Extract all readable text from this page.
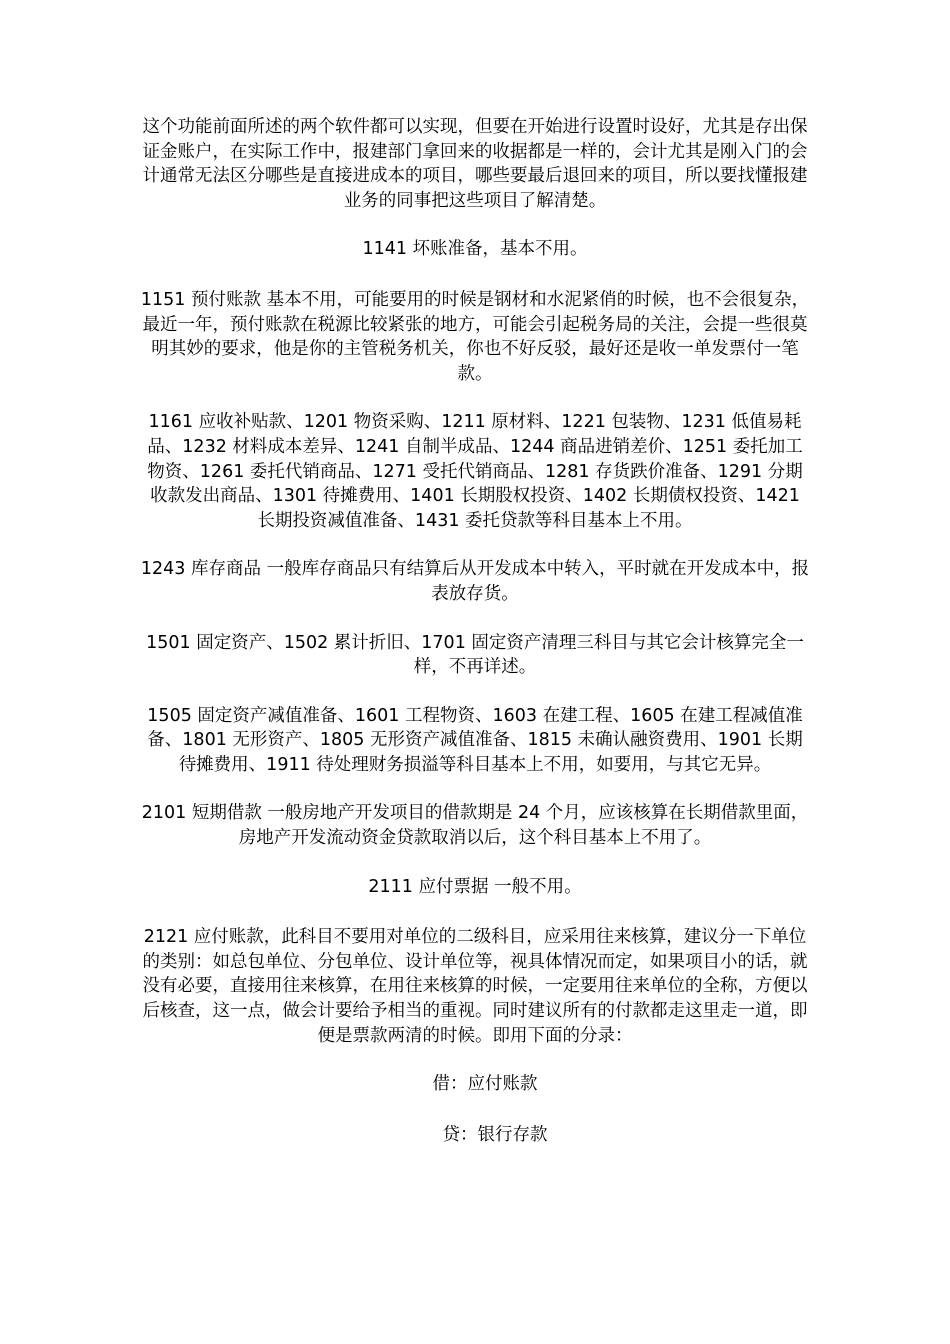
这个功能前面所述的两个软件都可以实现，但要在开始进行设置时设好，尤其是存出保证金账户，在实际工作中，报建部门拿回来的收据都是一样的，会计尤其是刚入门的会计通常无法区分哪些是直接进成本的项目，哪些要最后退回来的项目，所以要找懂报建业务的同事把这些项目了解清楚。

1141 坏账准备，基本不用。

1151 预付账款 基本不用，可能要用的时候是钢材和水泥紧俏的时候，也不会很复杂，最近一年，预付账款在税源比较紧张的地方，可能会引起税务局的关注，会提一些很莫明其妙的要求，他是你的主管税务机关，你也不好反驳，最好还是收一单发票付一笔款。

1161 应收补贴款、1201 物资采购、1211 原材料、1221 包装物、1231 低值易耗品、1232 材料成本差异、1241 自制半成品、1244 商品进销差价、1251 委托加工物资、1261 委托代销商品、1271 受托代销商品、1281 存货跌价准备、1291 分期收款发出商品、1301 待摊费用、1401 长期股权投资、1402 长期债权投资、1421 长期投资减值准备、1431 委托贷款等科目基本上不用。

1243 库存商品 一般库存商品只有结算后从开发成本中转入，平时就在开发成本中，报表放存货。

1501 固定资产、1502 累计折旧、1701 固定资产清理三科目与其它会计核算完全一样，不再详述。

1505 固定资产减值准备、1601 工程物资、1603 在建工程、1605 在建工程减值准备、1801 无形资产、1805 无形资产减值准备、1815 未确认融资费用、1901 长期待摊费用、1911 待处理财务损溢等科目基本上不用，如要用，与其它无异。

2101 短期借款 一般房地产开发项目的借款期是 24 个月，应该核算在长期借款里面，房地产开发流动资金贷款取消以后，这个科目基本上不用了。

2111 应付票据 一般不用。

2121 应付账款，此科目不要用对单位的二级科目，应采用往来核算，建议分一下单位的类别：如总包单位、分包单位、设计单位等，视具体情况而定，如果项目小的话，就没有必要，直接用往来核算，在用往来核算的时候，一定要用往来单位的全称，方便以后核查，这一点，做会计要给予相当的重视。同时建议所有的付款都走这里走一道，即便是票款两清的时候。即用下面的分录：

借：应付账款

贷：银行存款
